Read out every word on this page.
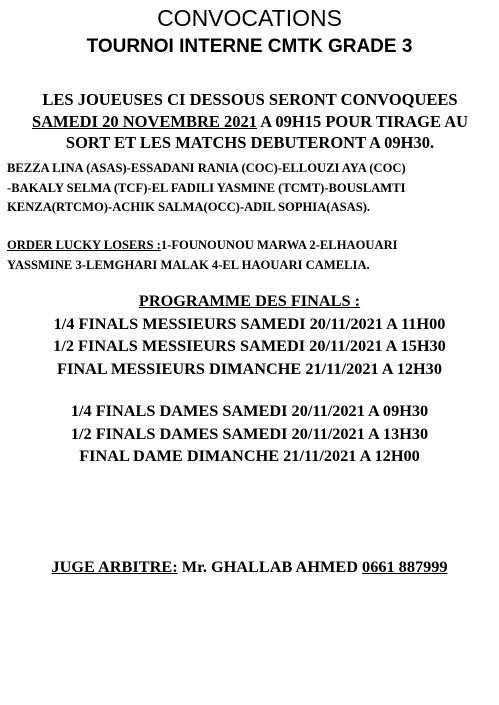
CONVOCATIONS
TOURNOI INTERNE CMTK GRADE 3

LES JOUEUSES CI DESSOUS SERONT CONVOQUEES
SAMEDI 20 NOVEMBRE 2021 A 09H15 POUR TIRAGE AU
SORT ET LES MATCHS DEBUTERONT A 09H30.

BEZZA LINA (ASAS)-ESSADANI RANIA (COC)-ELLOUZI AYA (COC)
-BAKALY SELMA (TCF)-EL FADILI YASMINE (TCMT)-BOUSLAMTI
KENZA(RTCMO)-ACHIK SALMA(OCC)-ADIL SOPHIA(ASAS).

ORDER LUCKY LOSERS :1-FOUNOUNOU MARWA 2-ELHAOUARI
YASSMINE 3-LEMGHARI MALAK 4-EL HAOUARI CAMELIA.

PROGRAMME DES FINALS :
1/4 FINALS MESSIEURS SAMEDI 20/11/2021 A 11H00
1/2 FINALS MESSIEURS SAMEDI 20/11/2021 A 15H30
FINAL MESSIEURS DIMANCHE 21/11/2021 A 12H30

1/4 FINALS DAMES SAMEDI 20/11/2021 A 09H30
1/2 FINALS DAMES SAMEDI 20/11/2021 A 13H30
FINAL DAME DIMANCHE 21/11/2021 A 12H00

JUGE ARBITRE: Mr. GHALLAB AHMED 0661 887999
